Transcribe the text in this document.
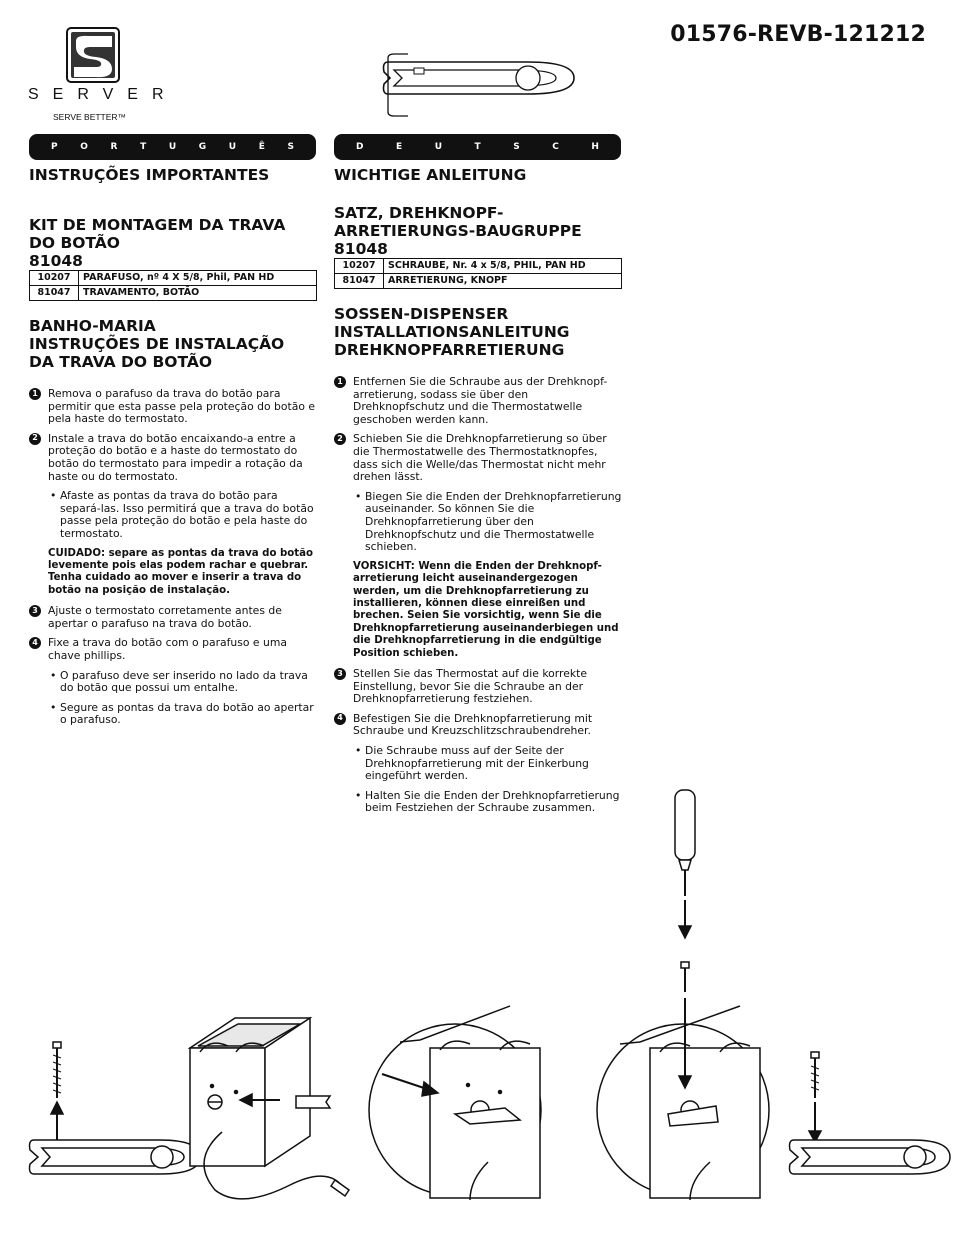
01576-REVB-121212
SERVER
SERVE BETTER™
P	O	R	T	U	G	U	Ê	S	D	E	U	T	S	C	H
INSTRUÇÕES IMPORTANTES
KIT DE MONTAGEM DA TRAVA
DO BOTÃO
81048
10207	PARAFUSO, nº 4 X 5/8, Phil, PAN HD
81047	TRAVAMENTO, BOTÃO
BANHO-MARIA
INSTRUÇÕES DE INSTALAÇÃO
DA TRAVA DO BOTÃO
1 Remova o parafuso da trava do botão para permitir que esta passe pela proteção do botão e pela haste do termostato.
2 Instale a trava do botão encaixando-a entre a proteção do botão e a haste do termostato do botão do termostato para impedir a rotação da haste ou do termostato.
• Afaste as pontas da trava do botão para separá-las. Isso permitirá que a trava do botão passe pela proteção do botão e pela haste do termostato.
CUIDADO: separe as pontas da trava do botão levemente pois elas podem rachar e quebrar. Tenha cuidado ao mover e inserir a trava do botão na posição de instalação.
3 Ajuste o termostato corretamente antes de apertar o parafuso na trava do botão.
4 Fixe a trava do botão com o parafuso e uma chave phillips.
• O parafuso deve ser inserido no lado da trava do botão que possui um entalhe.
• Segure as pontas da trava do botão ao apertar o parafuso.
WICHTIGE ANLEITUNG
SATZ, DREHKNOPF-
ARRETIERUNGS-BAUGRUPPE
81048
10207	SCHRAUBE, Nr. 4 x 5/8, PHIL, PAN HD
81047	ARRETIERUNG, KNOPF
SOSSEN-DISPENSER
INSTALLATIONSANLEITUNG
DREHKNOPFARRETIERUNG
1 Entfernen Sie die Schraube aus der Drehknopf-arretierung, sodass sie über den Drehknopfschutz und die Thermostatwelle geschoben werden kann.
2 Schieben Sie die Drehknopfarretierung so über die Thermostatwelle des Thermostatknopfes, dass sich die Welle/das Thermostat nicht mehr drehen lässt.
• Biegen Sie die Enden der Drehknopfarretierung auseinander. So können Sie die Drehknopfarretierung über den Drehknopfschutz und die Thermostatwelle schieben.
VORSICHT: Wenn die Enden der Drehknopf-arretierung leicht auseinandergezogen werden, um die Drehknopfarretierung zu installieren, können diese einreißen und brechen. Seien Sie vorsichtig, wenn Sie die Drehknopfarretierung auseinanderbiegen und die Drehknopfarretierung in die endgültige Position schieben.
3 Stellen Sie das Thermostat auf die korrekte Einstellung, bevor Sie die Schraube an der Drehknopfarretierung festziehen.
4 Befestigen Sie die Drehknopfarretierung mit Schraube und Kreuzschlitzschraubendreher.
• Die Schraube muss auf der Seite der Drehknopfarretierung mit der Einkerbung eingeführt werden.
• Halten Sie die Enden der Drehknopfarretierung beim Festziehen der Schraube zusammen.
